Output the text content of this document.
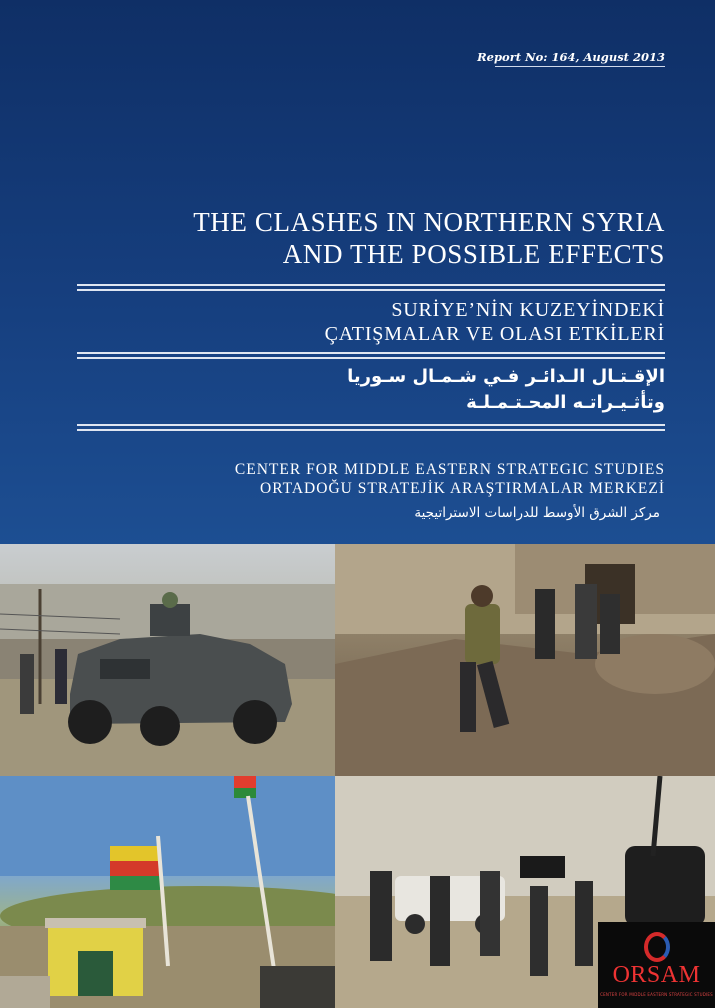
Report No: 164, August 2013
THE CLASHES IN NORTHERN SYRIA
AND THE POSSIBLE EFFECTS
SURİYE’NİN KUZEYİNDEKİ
ÇATIŞMALAR VE OLASI ETKİLERİ
الإقـتـال الـدائـر فـي شـمـال سـوريا
وتأثـيـراتـه المحـتـمـلـة
CENTER FOR MIDDLE EASTERN STRATEGIC STUDIES
ORTADOĞU STRATEJİK ARAŞTIRMALAR MERKEZİ
مركز الشرق الأوسط للدراسات الاستراتيجية
ORSAM
CENTER FOR MIDDLE EASTERN STRATEGIC STUDIES
